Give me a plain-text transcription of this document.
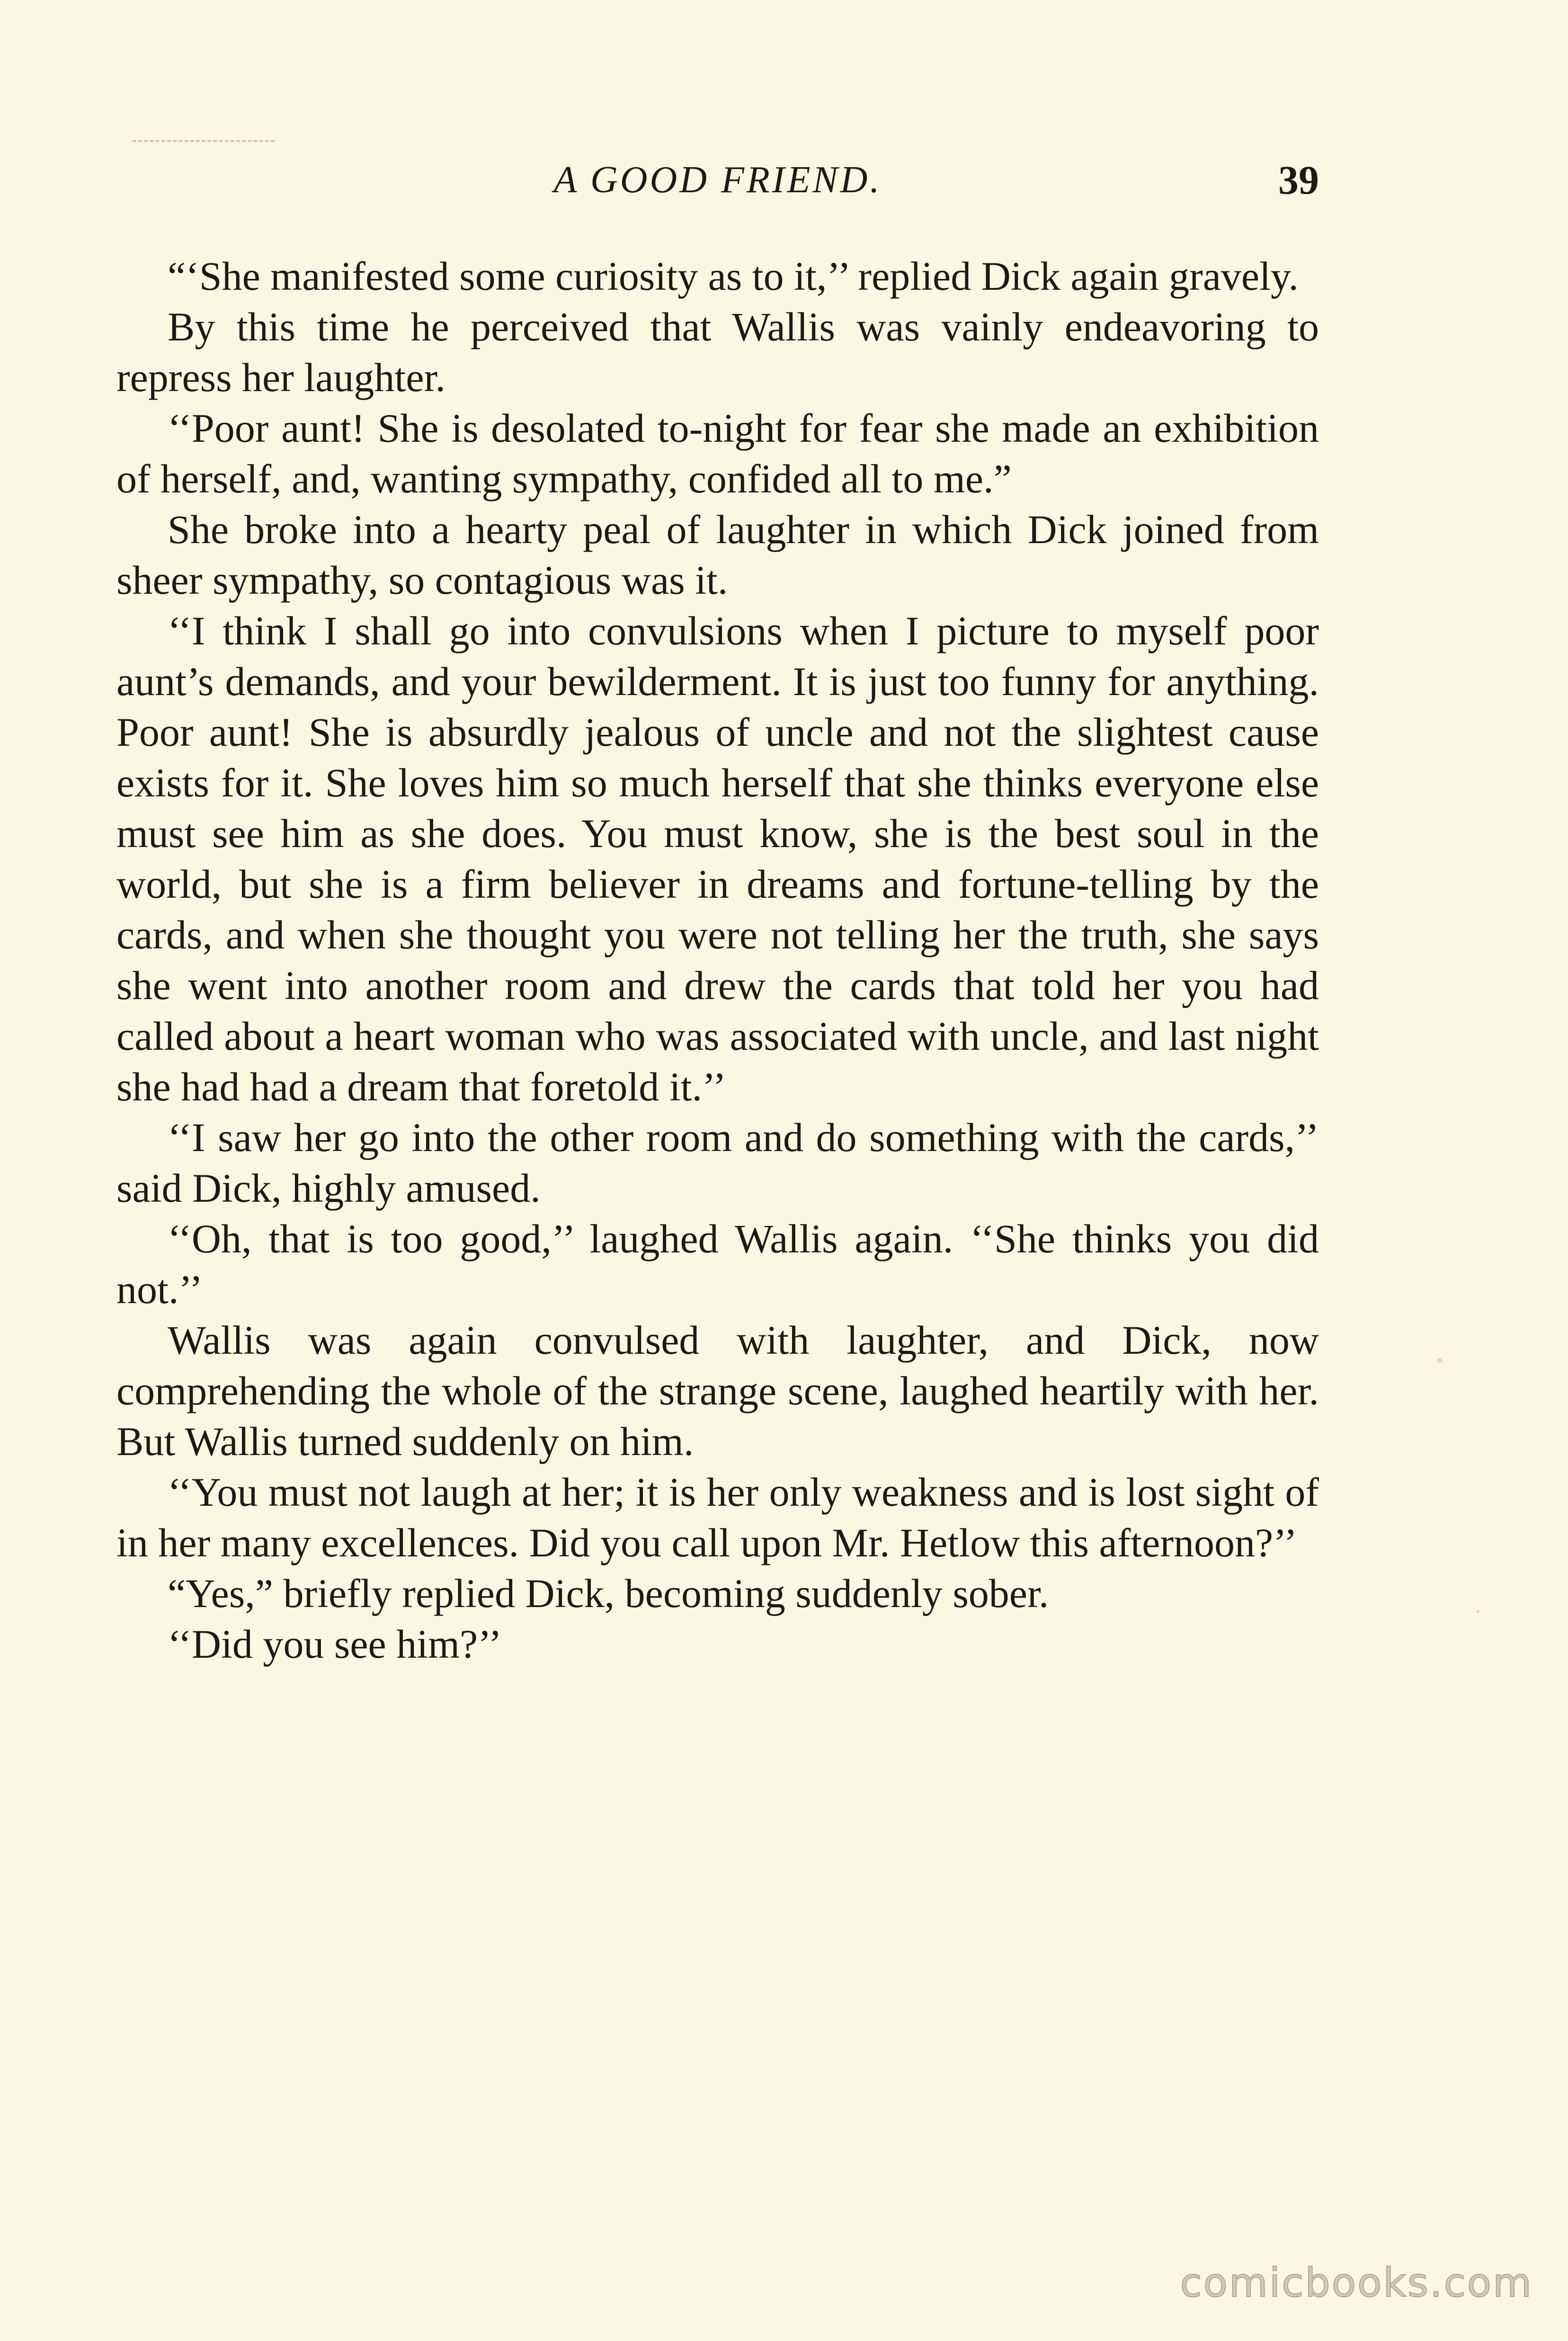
A GOOD FRIEND.	39

“‘She manifested some curiosity as to it,’’ replied Dick again gravely.

By this time he perceived that Wallis was vainly endeavoring to repress her laughter.

‘‘Poor aunt! She is desolated to-night for fear she made an exhibition of herself, and, wanting sympathy, confided all to me.”

She broke into a hearty peal of laughter in which Dick joined from sheer sympathy, so contagious was it.

‘‘I think I shall go into convulsions when I picture to myself poor aunt’s demands, and your bewilderment. It is just too funny for anything. Poor aunt! She is absurdly jealous of uncle and not the slightest cause exists for it. She loves him so much herself that she thinks everyone else must see him as she does. You must know, she is the best soul in the world, but she is a firm believer in dreams and fortune-telling by the cards, and when she thought you were not telling her the truth, she says she went into another room and drew the cards that told her you had called about a heart woman who was associated with uncle, and last night she had had a dream that foretold it.’’

‘‘I saw her go into the other room and do something with the cards,’’ said Dick, highly amused.

‘‘Oh, that is too good,’’ laughed Wallis again. ‘‘She thinks you did not.’’

Wallis was again convulsed with laughter, and Dick, now comprehending the whole of the strange scene, laughed heartily with her. But Wallis turned suddenly on him.

‘‘You must not laugh at her; it is her only weakness and is lost sight of in her many excellences. Did you call upon Mr. Hetlow this afternoon?’’

“Yes,” briefly replied Dick, becoming suddenly sober.

‘‘Did you see him?’’

comicbooks.com
